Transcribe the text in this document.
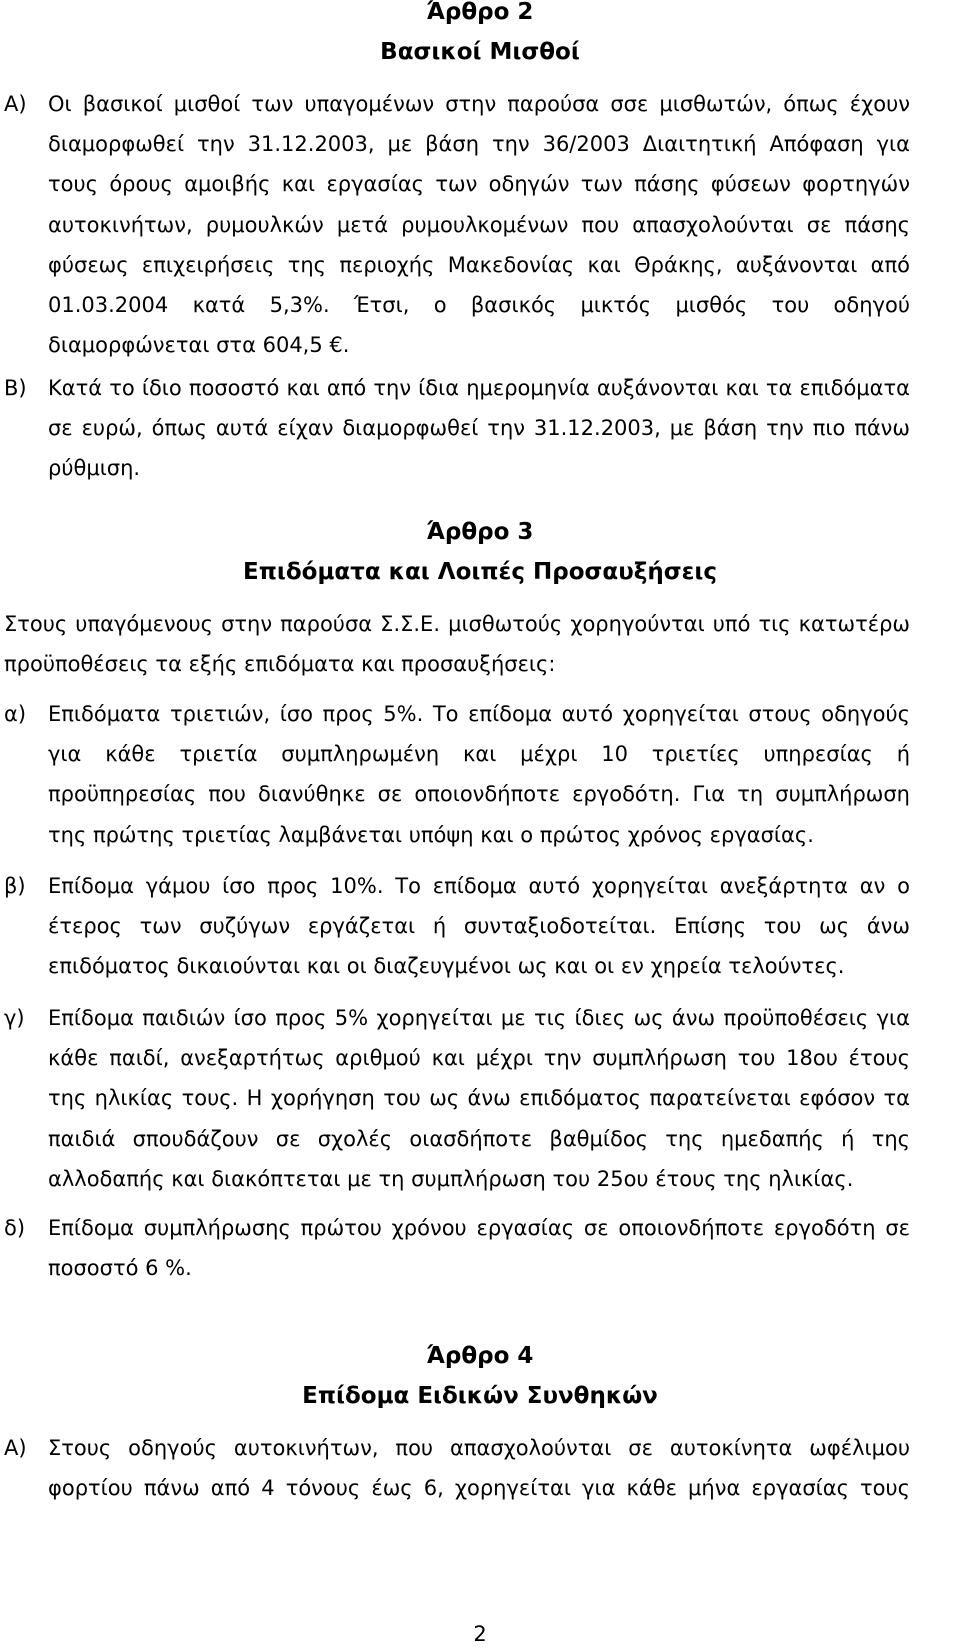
Άρθρο 2
Βασικοί Μισθοί
Α)	Οι βασικοί μισθοί των υπαγομένων στην παρούσα σσε μισθωτών, όπως έχουν διαμορφωθεί την 31.12.2003, με βάση την 36/2003 Διαιτητική Απόφαση για τους όρους αμοιβής και εργασίας των οδηγών των πάσης φύσεων φορτηγών αυτοκινήτων, ρυμουλκών μετά ρυμουλκομένων που απασχολούνται σε πάσης φύσεως επιχειρήσεις της περιοχής Μακεδονίας και Θράκης, αυξάνονται από 01.03.2004 κατά 5,3%. Έτσι, ο βασικός μικτός μισθός του οδηγού διαμορφώνεται στα 604,5 €.
Β)	Κατά το ίδιο ποσοστό και από την ίδια ημερομηνία αυξάνονται και τα επιδόματα σε ευρώ, όπως αυτά είχαν διαμορφωθεί την 31.12.2003, με βάση την πιο πάνω ρύθμιση.
Άρθρο 3
Επιδόματα και Λοιπές Προσαυξήσεις
Στους υπαγόμενους στην παρούσα Σ.Σ.Ε. μισθωτούς χορηγούνται υπό τις κατωτέρω προϋποθέσεις τα εξής επιδόματα και προσαυξήσεις:
α)	Επιδόματα τριετιών, ίσο προς 5%. Το επίδομα αυτό χορηγείται στους οδηγούς για κάθε τριετία συμπληρωμένη και μέχρι 10 τριετίες υπηρεσίας ή προϋπηρεσίας που διανύθηκε σε οποιονδήποτε εργοδότη. Για τη συμπλήρωση της πρώτης τριετίας λαμβάνεται υπόψη και ο πρώτος χρόνος εργασίας.
β)	Επίδομα γάμου ίσο προς 10%. Το επίδομα αυτό χορηγείται ανεξάρτητα αν ο έτερος των συζύγων εργάζεται ή συνταξιοδοτείται. Επίσης του ως άνω επιδόματος δικαιούνται και οι διαζευγμένοι ως και οι εν χηρεία τελούντες.
γ)	Επίδομα παιδιών ίσο προς 5% χορηγείται με τις ίδιες ως άνω προϋποθέσεις για κάθε παιδί, ανεξαρτήτως αριθμού και μέχρι την συμπλήρωση του 18ου έτους της ηλικίας τους. Η χορήγηση του ως άνω επιδόματος παρατείνεται εφόσον τα παιδιά σπουδάζουν σε σχολές οιασδήποτε βαθμίδος της ημεδαπής ή της αλλοδαπής και διακόπτεται με τη συμπλήρωση του 25ου έτους της ηλικίας.
δ)	Επίδομα συμπλήρωσης πρώτου χρόνου εργασίας σε οποιονδήποτε εργοδότη σε ποσοστό 6 %.
Άρθρο 4
Επίδομα Ειδικών Συνθηκών
Α)	Στους οδηγούς αυτοκινήτων, που απασχολούνται σε αυτοκίνητα ωφέλιμου φορτίου πάνω από 4 τόνους έως 6, χορηγείται για κάθε μήνα εργασίας τους
2
